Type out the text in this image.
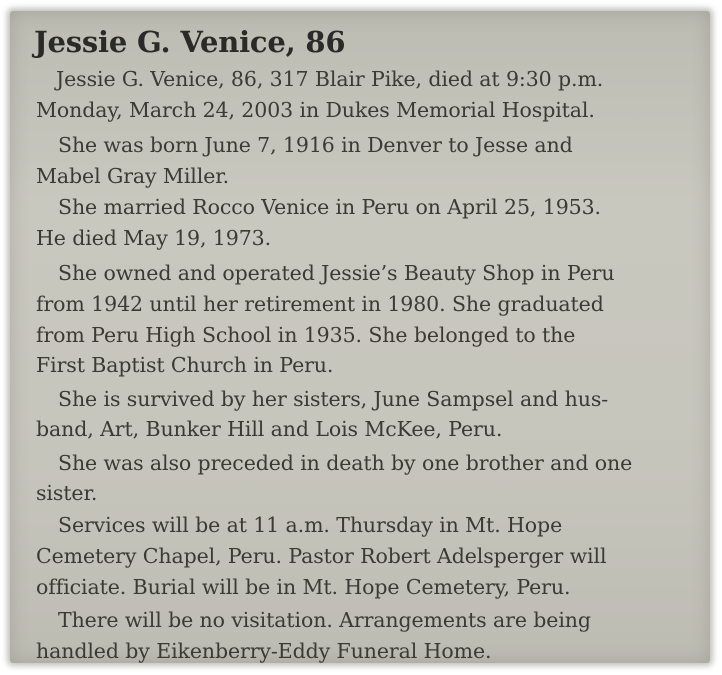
Jessie G. Venice, 86

Jessie G. Venice, 86, 317 Blair Pike, died at 9:30 p.m.

Monday, March 24, 2003 in Dukes Memorial Hospital.

She was born June 7, 1916 in Denver to Jesse and

Mabel Gray Miller.

She married Rocco Venice in Peru on April 25, 1953.

He died May 19, 1973.

She owned and operated Jessie’s Beauty Shop in Peru

from 1942 until her retirement in 1980. She graduated

from Peru High School in 1935. She belonged to the

First Baptist Church in Peru.

She is survived by her sisters, June Sampsel and hus-

band, Art, Bunker Hill and Lois McKee, Peru.

She was also preceded in death by one brother and one

sister.

Services will be at 11 a.m. Thursday in Mt. Hope

Cemetery Chapel, Peru. Pastor Robert Adelsperger will

officiate. Burial will be in Mt. Hope Cemetery, Peru.

There will be no visitation. Arrangements are being

handled by Eikenberry-Eddy Funeral Home.
